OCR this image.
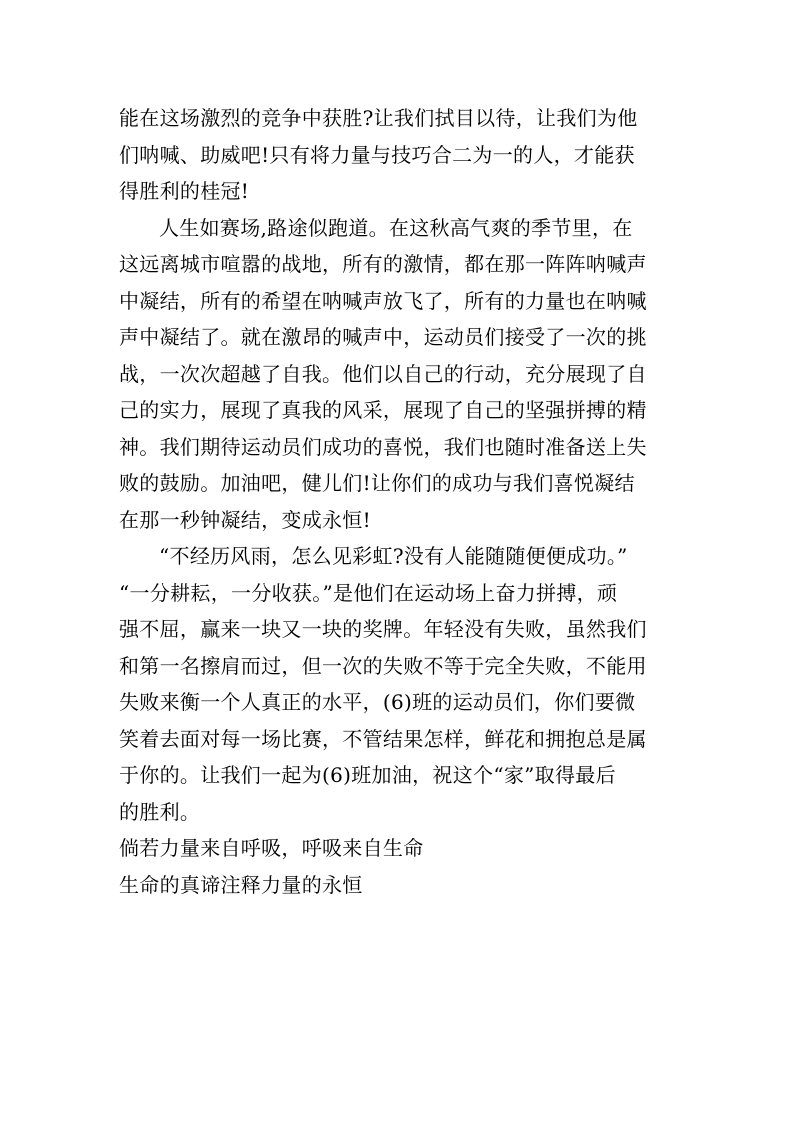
能在这场激烈的竞争中获胜?让我们拭目以待，让我们为他
们呐喊、助威吧!只有将力量与技巧合二为一的人，才能获
得胜利的桂冠!
人生如赛场,路途似跑道。在这秋高气爽的季节里，在
这远离城市喧嚣的战地，所有的激情，都在那一阵阵呐喊声
中凝结，所有的希望在呐喊声放飞了，所有的力量也在呐喊
声中凝结了。就在激昂的喊声中，运动员们接受了一次的挑
战，一次次超越了自我。他们以自己的行动，充分展现了自
己的实力，展现了真我的风采，展现了自己的坚强拼搏的精
神。我们期待运动员们成功的喜悦，我们也随时准备送上失
败的鼓励。加油吧，健儿们!让你们的成功与我们喜悦凝结
在那一秒钟凝结，变成永恒!
“不经历风雨，怎么见彩虹?没有人能随随便便成功。”
“一分耕耘，一分收获。”是他们在运动场上奋力拼搏，顽
强不屈，赢来一块又一块的奖牌。年轻没有失败，虽然我们
和第一名擦肩而过，但一次的失败不等于完全失败，不能用
失败来衡一个人真正的水平，(6)班的运动员们，你们要微
笑着去面对每一场比赛，不管结果怎样，鲜花和拥抱总是属
于你的。让我们一起为(6)班加油，祝这个“家”取得最后
的胜利。
倘若力量来自呼吸，呼吸来自生命
生命的真谛注释力量的永恒
